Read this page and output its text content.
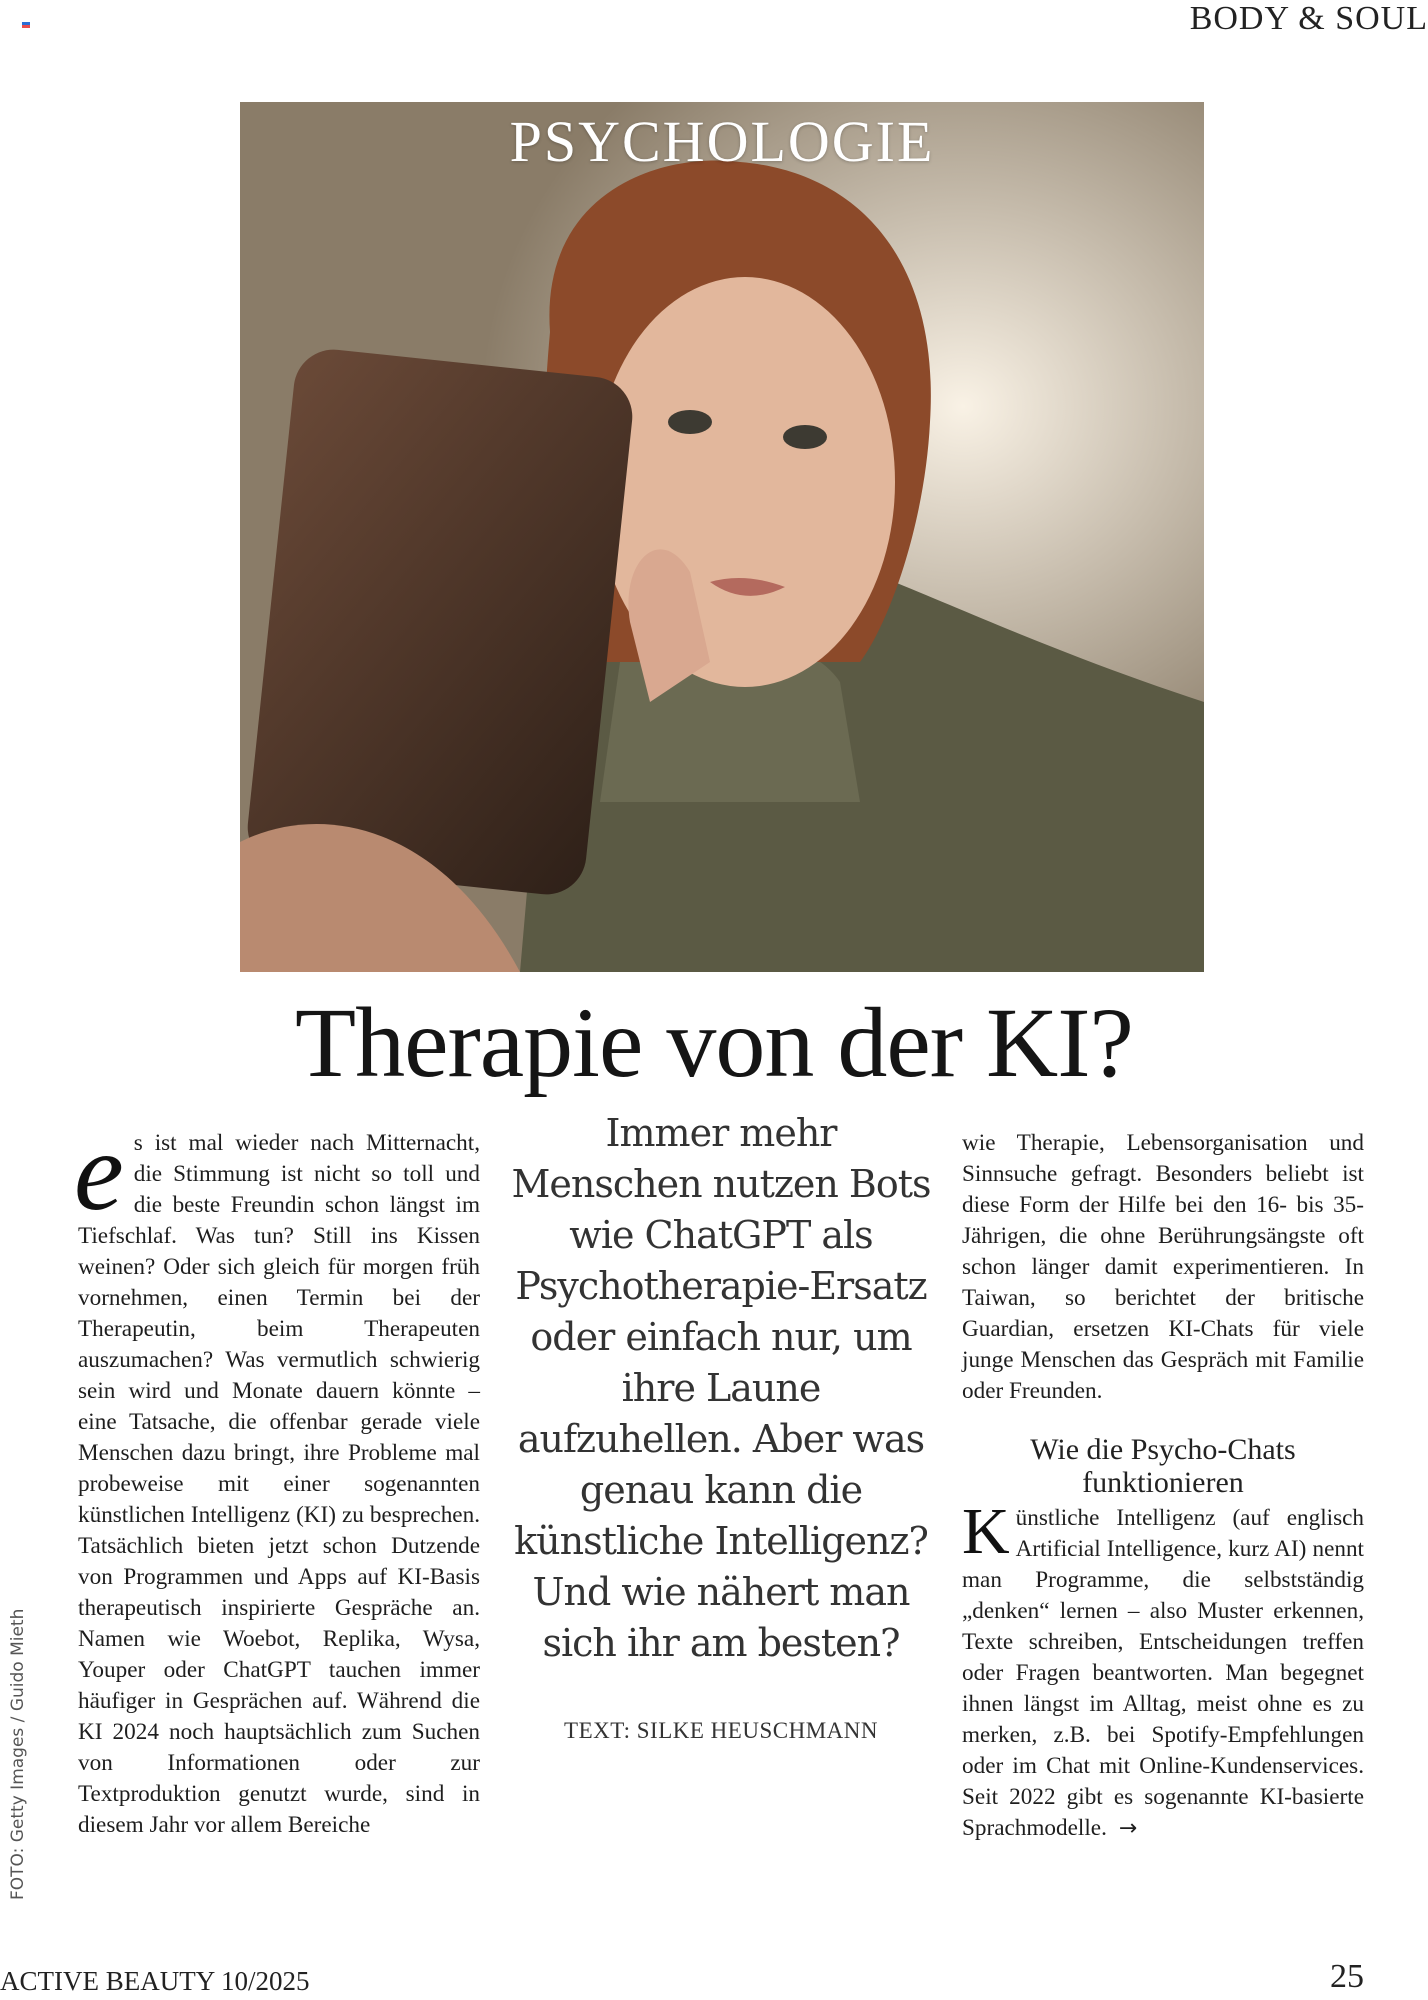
BODY & SOUL
PSYCHOLOGIE
Therapie von der KI?
e s ist mal wieder nach Mitternacht, die Stimmung ist nicht so toll und die beste Freundin schon längst im Tiefschlaf. Was tun? Still ins Kissen weinen? Oder sich gleich für morgen früh vornehmen, einen Termin bei der Therapeutin, beim Therapeuten auszumachen? Was vermutlich schwierig sein wird und Monate dauern könnte – eine Tatsache, die offenbar gerade viele Menschen dazu bringt, ihre Probleme mal probeweise mit einer sogenannten künstlichen Intelligenz (KI) zu besprechen. Tatsächlich bieten jetzt schon Dutzende von Programmen und Apps auf KI-Basis therapeutisch inspirierte Gespräche an. Namen wie Woebot, Replika, Wysa, Youper oder ChatGPT tauchen immer häufiger in Gesprächen auf. Während die KI 2024 noch hauptsächlich zum Suchen von Informationen oder zur Textproduktion genutzt wurde, sind in diesem Jahr vor allem Bereiche
Immer mehr Menschen nutzen Bots wie ChatGPT als Psychotherapie-Ersatz oder einfach nur, um ihre Laune aufzuhellen. Aber was genau kann die künstliche Intelligenz? Und wie nähert man sich ihr am besten?
TEXT: SILKE HEUSCHMANN
wie Therapie, Lebensorganisation und Sinnsuche gefragt. Besonders beliebt ist diese Form der Hilfe bei den 16- bis 35-Jährigen, die ohne Berührungsängste oft schon länger damit experimentieren. In Taiwan, so berichtet der britische Guardian, ersetzen KI-Chats für viele junge Menschen das Gespräch mit Familie oder Freunden.
Wie die Psycho-Chats funktionieren
K ünstliche Intelligenz (auf englisch Artificial Intelligence, kurz AI) nennt man Programme, die selbstständig „denken“ lernen – also Muster erkennen, Texte schreiben, Entscheidungen treffen oder Fragen beantworten. Man begegnet ihnen längst im Alltag, meist ohne es zu merken, z.B. bei Spotify-Empfehlungen oder im Chat mit Online-Kundenservices. Seit 2022 gibt es sogenannte KI-basierte Sprachmodelle. →
FOTO: Getty Images / Guido Mieth
ACTIVE BEAUTY 10/2025	25
